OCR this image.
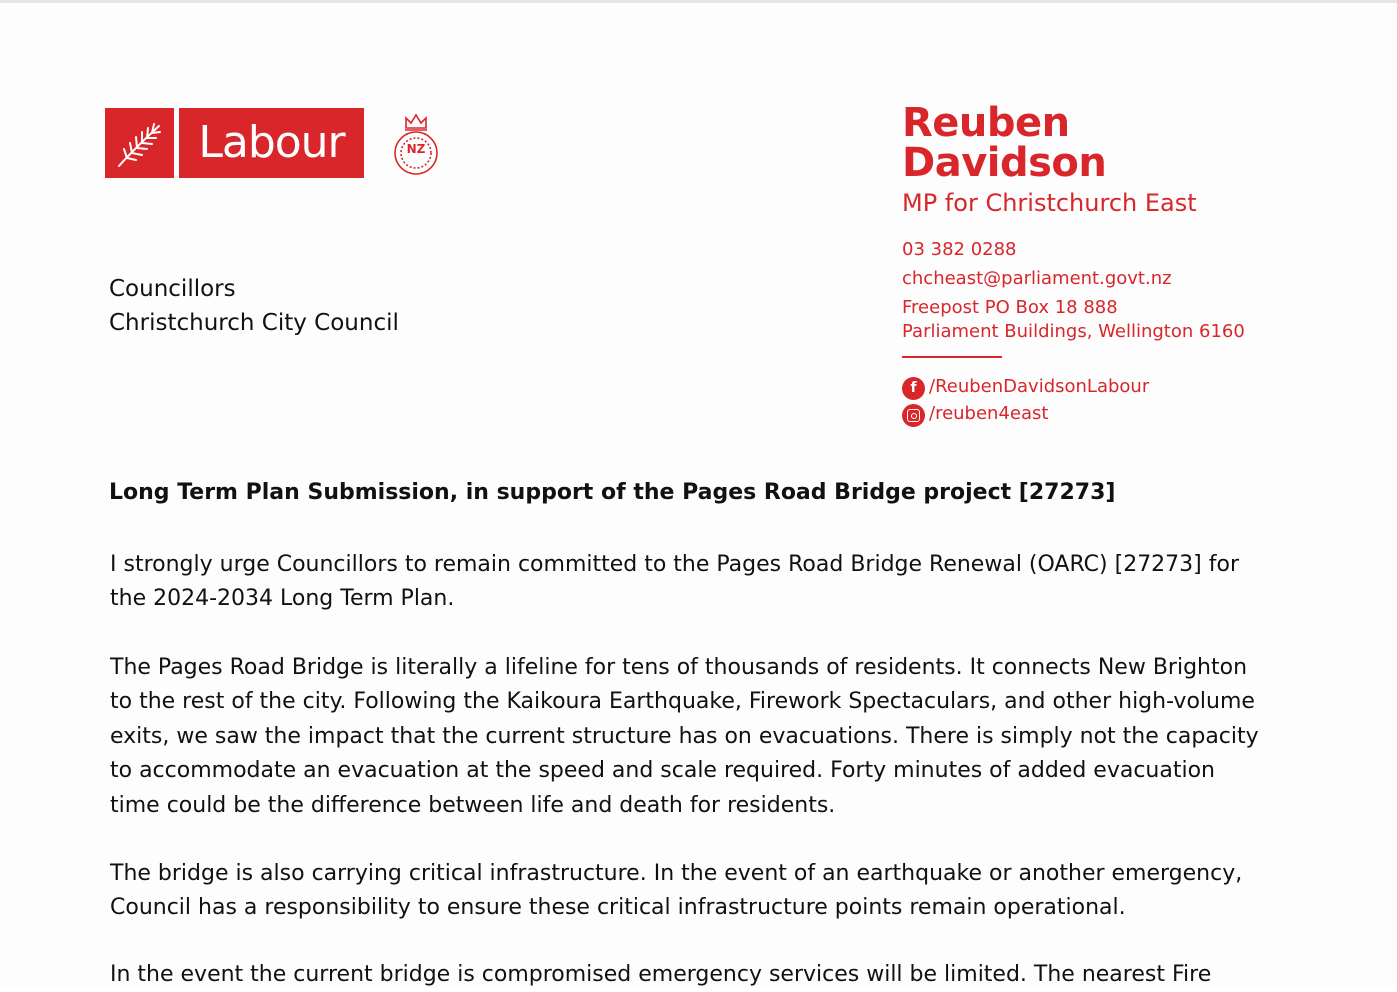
Labour	NZ
Reuben
Davidson
MP for Christchurch East
03 382 0288
chcheast@parliament.govt.nz
Freepost PO Box 18 888
Parliament Buildings, Wellington 6160
f /ReubenDavidsonLabour
/reuben4east
Councillors
Christchurch City Council
Long Term Plan Submission, in support of the Pages Road Bridge project [27273]
I strongly urge Councillors to remain committed to the Pages Road Bridge Renewal (OARC) [27273] for
the 2024-2034 Long Term Plan.
The Pages Road Bridge is literally a lifeline for tens of thousands of residents. It connects New Brighton
to the rest of the city. Following the Kaikoura Earthquake, Firework Spectaculars, and other high-volume
exits, we saw the impact that the current structure has on evacuations. There is simply not the capacity
to accommodate an evacuation at the speed and scale required. Forty minutes of added evacuation
time could be the difference between life and death for residents.
The bridge is also carrying critical infrastructure. In the event of an earthquake or another emergency,
Council has a responsibility to ensure these critical infrastructure points remain operational.
In the event the current bridge is compromised emergency services will be limited. The nearest Fire
